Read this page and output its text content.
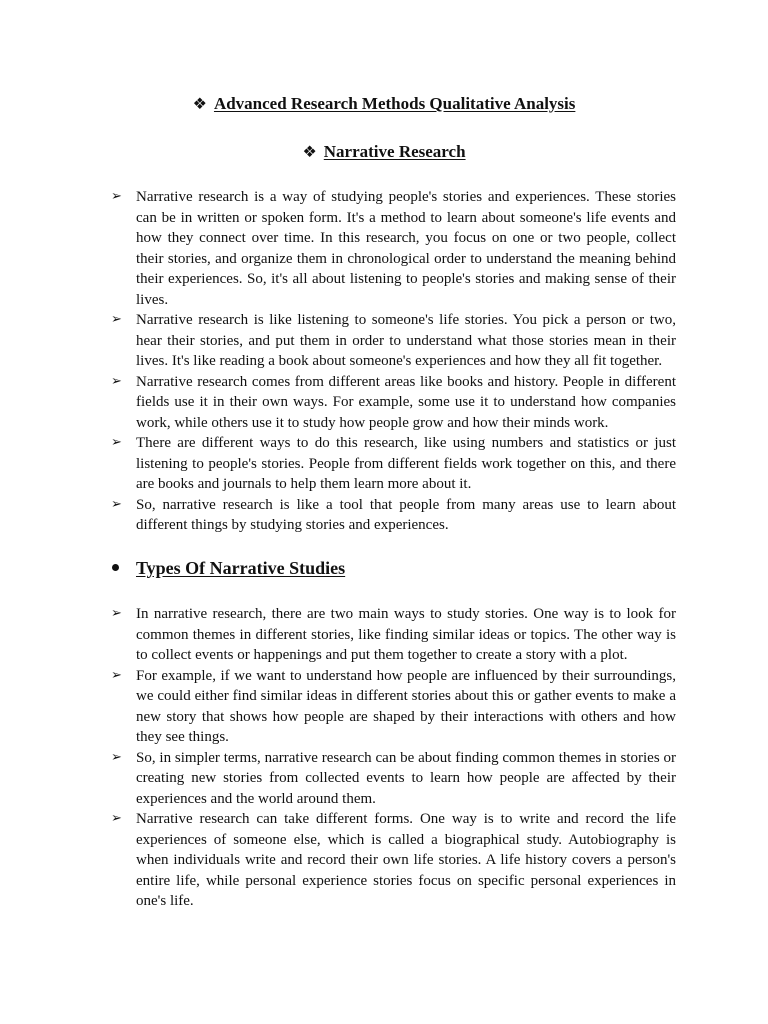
❖ Advanced Research Methods Qualitative Analysis
❖ Narrative Research
➢ Narrative research is a way of studying people's stories and experiences. These stories can be in written or spoken form. It's a method to learn about someone's life events and how they connect over time. In this research, you focus on one or two people, collect their stories, and organize them in chronological order to understand the meaning behind their experiences. So, it's all about listening to people's stories and making sense of their lives.
➢ Narrative research is like listening to someone's life stories. You pick a person or two, hear their stories, and put them in order to understand what those stories mean in their lives. It's like reading a book about someone's experiences and how they all fit together.
➢ Narrative research comes from different areas like books and history. People in different fields use it in their own ways. For example, some use it to understand how companies work, while others use it to study how people grow and how their minds work.
➢ There are different ways to do this research, like using numbers and statistics or just listening to people's stories. People from different fields work together on this, and there are books and journals to help them learn more about it.
➢ So, narrative research is like a tool that people from many areas use to learn about different things by studying stories and experiences.
Types Of Narrative Studies
➢ In narrative research, there are two main ways to study stories. One way is to look for common themes in different stories, like finding similar ideas or topics. The other way is to collect events or happenings and put them together to create a story with a plot.
➢ For example, if we want to understand how people are influenced by their surroundings, we could either find similar ideas in different stories about this or gather events to make a new story that shows how people are shaped by their interactions with others and how they see things.
➢ So, in simpler terms, narrative research can be about finding common themes in stories or creating new stories from collected events to learn how people are affected by their experiences and the world around them.
➢ Narrative research can take different forms. One way is to write and record the life experiences of someone else, which is called a biographical study. Autobiography is when individuals write and record their own life stories. A life history covers a person's entire life, while personal experience stories focus on specific personal experiences in one's life.
